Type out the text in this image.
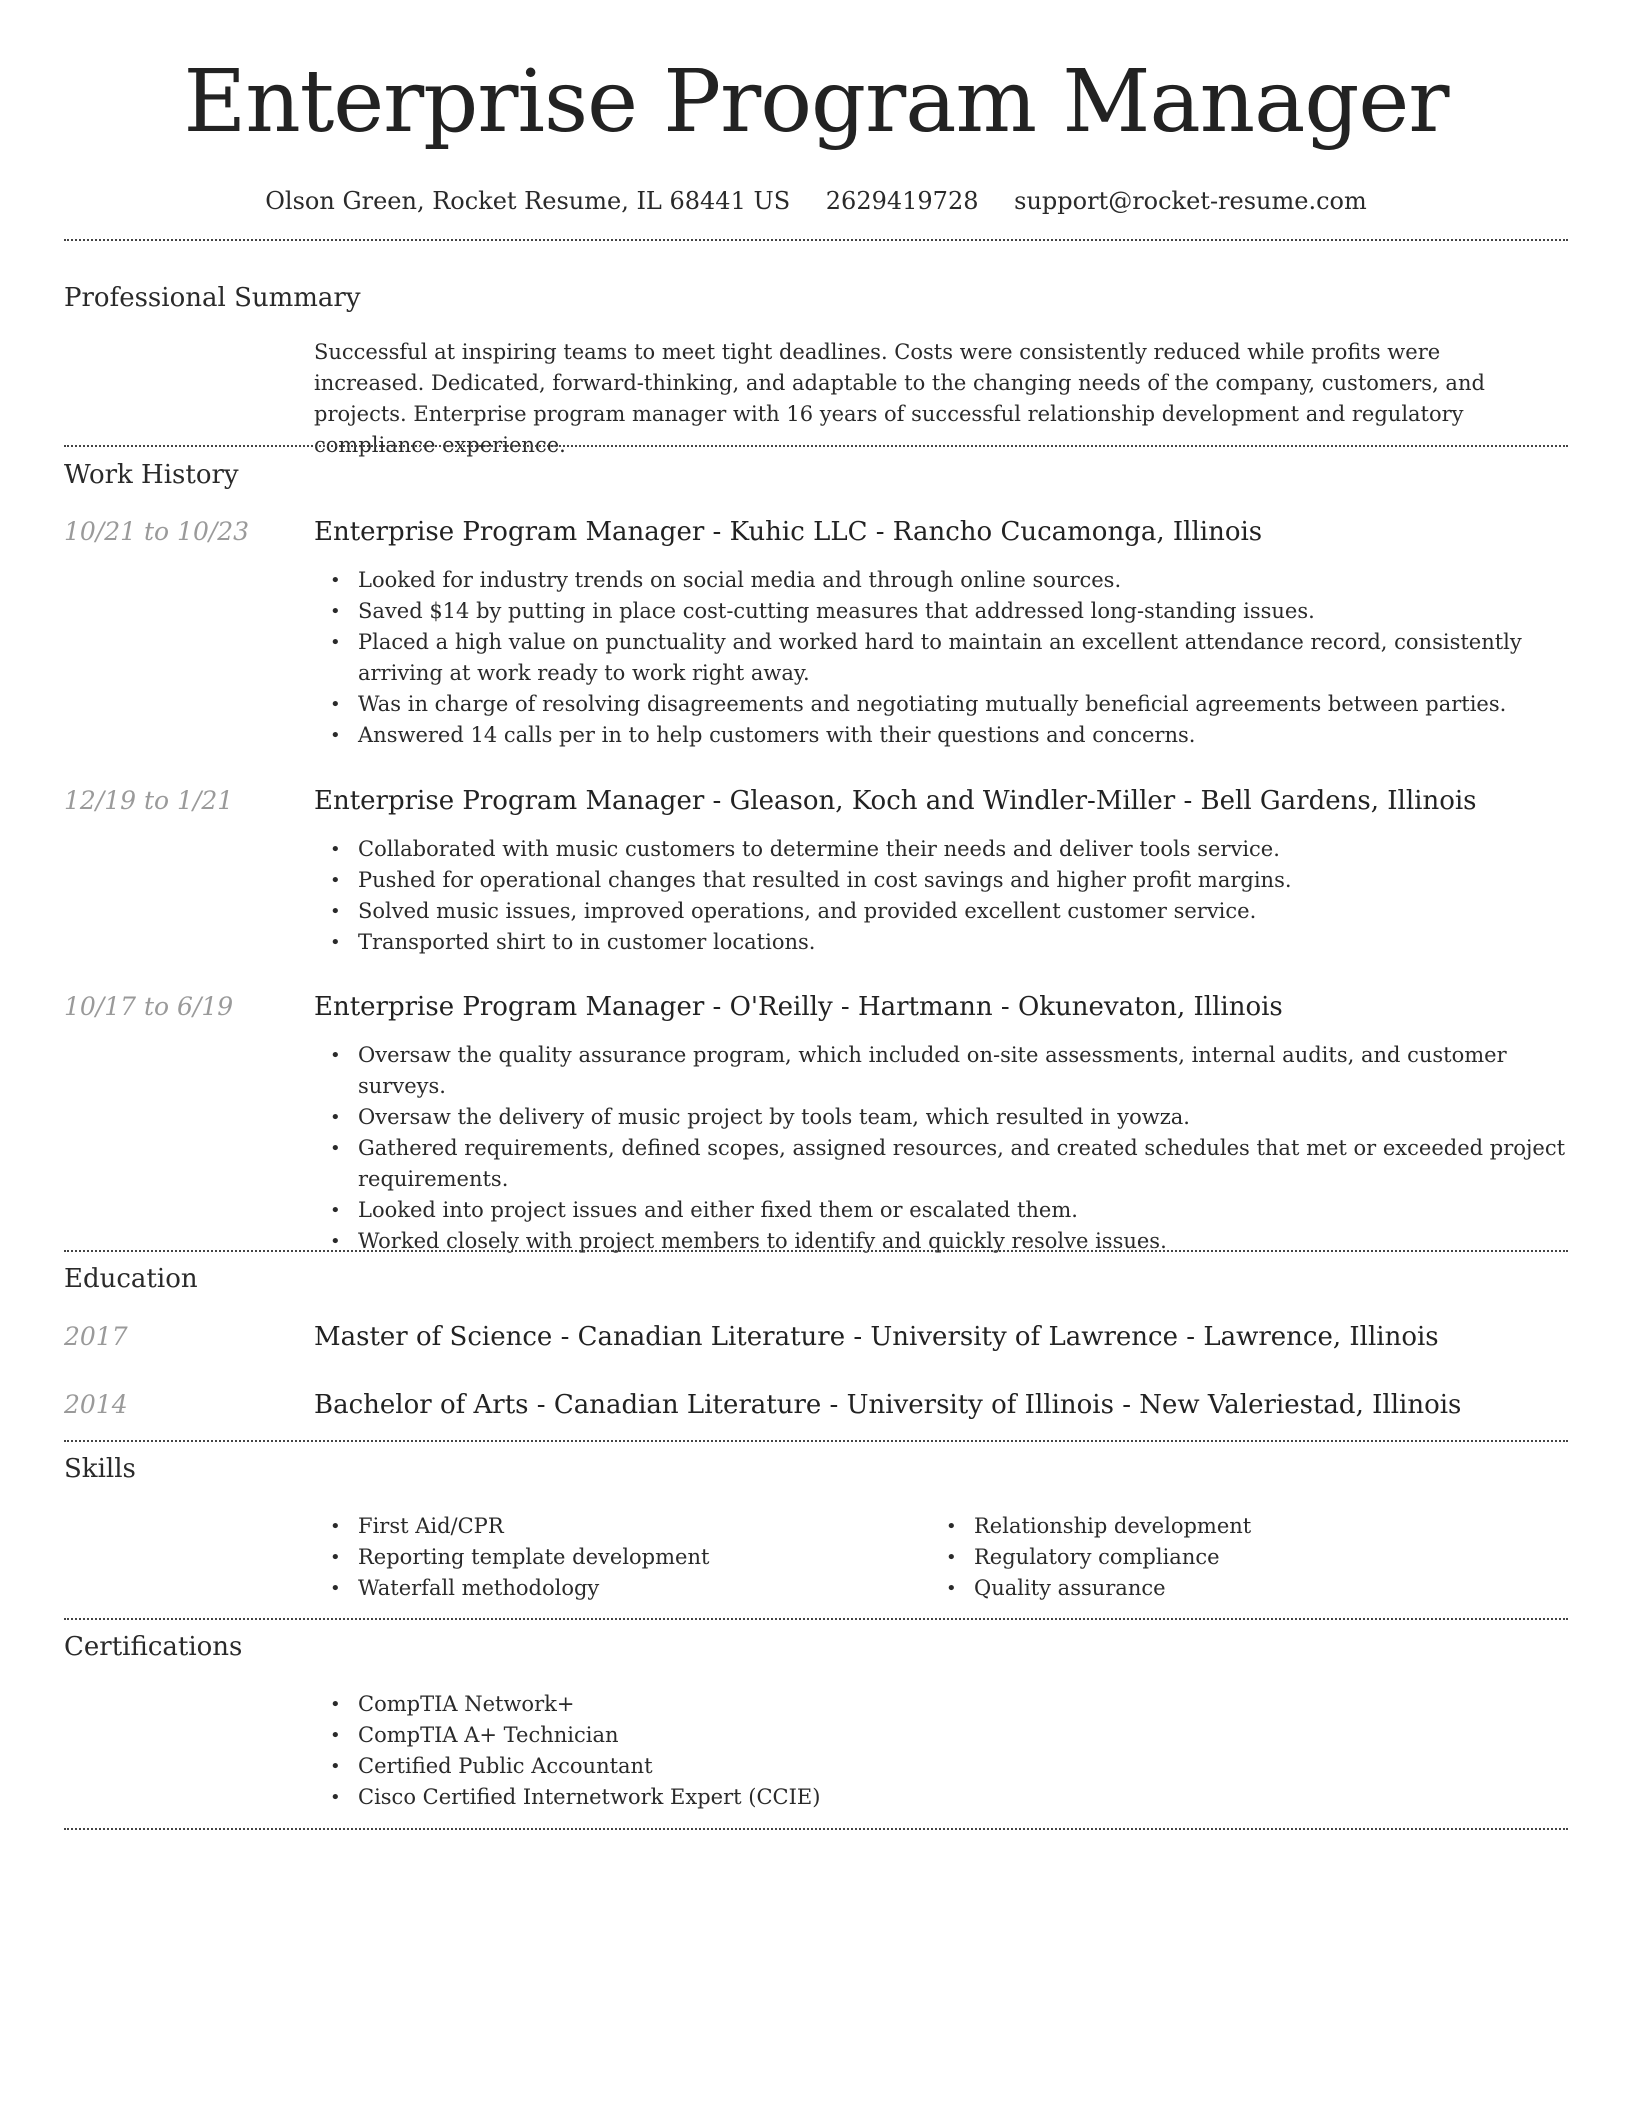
Enterprise Program Manager
Olson Green, Rocket Resume, IL 68441 US 2629419728 support@rocket-resume.com
Professional Summary
Successful at inspiring teams to meet tight deadlines. Costs were consistently reduced while profits were increased. Dedicated, forward-thinking, and adaptable to the changing needs of the company, customers, and projects. Enterprise program manager with 16 years of successful relationship development and regulatory compliance experience.
Work History
10/21 to 10/23 Enterprise Program Manager - Kuhic LLC - Rancho Cucamonga, Illinois
• Looked for industry trends on social media and through online sources.
• Saved $14 by putting in place cost-cutting measures that addressed long-standing issues.
• Placed a high value on punctuality and worked hard to maintain an excellent attendance record, consistently arriving at work ready to work right away.
• Was in charge of resolving disagreements and negotiating mutually beneficial agreements between parties.
• Answered 14 calls per in to help customers with their questions and concerns.
12/19 to 1/21	Enterprise Program Manager - Gleason, Koch and Windler-Miller - Bell Gardens, Illinois
• Collaborated with music customers to determine their needs and deliver tools service.
• Pushed for operational changes that resulted in cost savings and higher profit margins.
• Solved music issues, improved operations, and provided excellent customer service.
• Transported shirt to in customer locations.
10/17 to 6/19	Enterprise Program Manager - O'Reilly - Hartmann - Okunevaton, Illinois
• Oversaw the quality assurance program, which included on-site assessments, internal audits, and customer surveys.
• Oversaw the delivery of music project by tools team, which resulted in yowza.
• Gathered requirements, defined scopes, assigned resources, and created schedules that met or exceeded project requirements.
• Looked into project issues and either fixed them or escalated them.
• Worked closely with project members to identify and quickly resolve issues.
Education
2017	Master of Science - Canadian Literature - University of Lawrence - Lawrence, Illinois
2014	Bachelor of Arts - Canadian Literature - University of Illinois - New Valeriestad, Illinois
Skills
• First Aid/CPR
• Reporting template development
• Waterfall methodology
• Relationship development
• Regulatory compliance
• Quality assurance
Certifications
• CompTIA Network+
• CompTIA A+ Technician
• Certified Public Accountant
• Cisco Certified Internetwork Expert (CCIE)
